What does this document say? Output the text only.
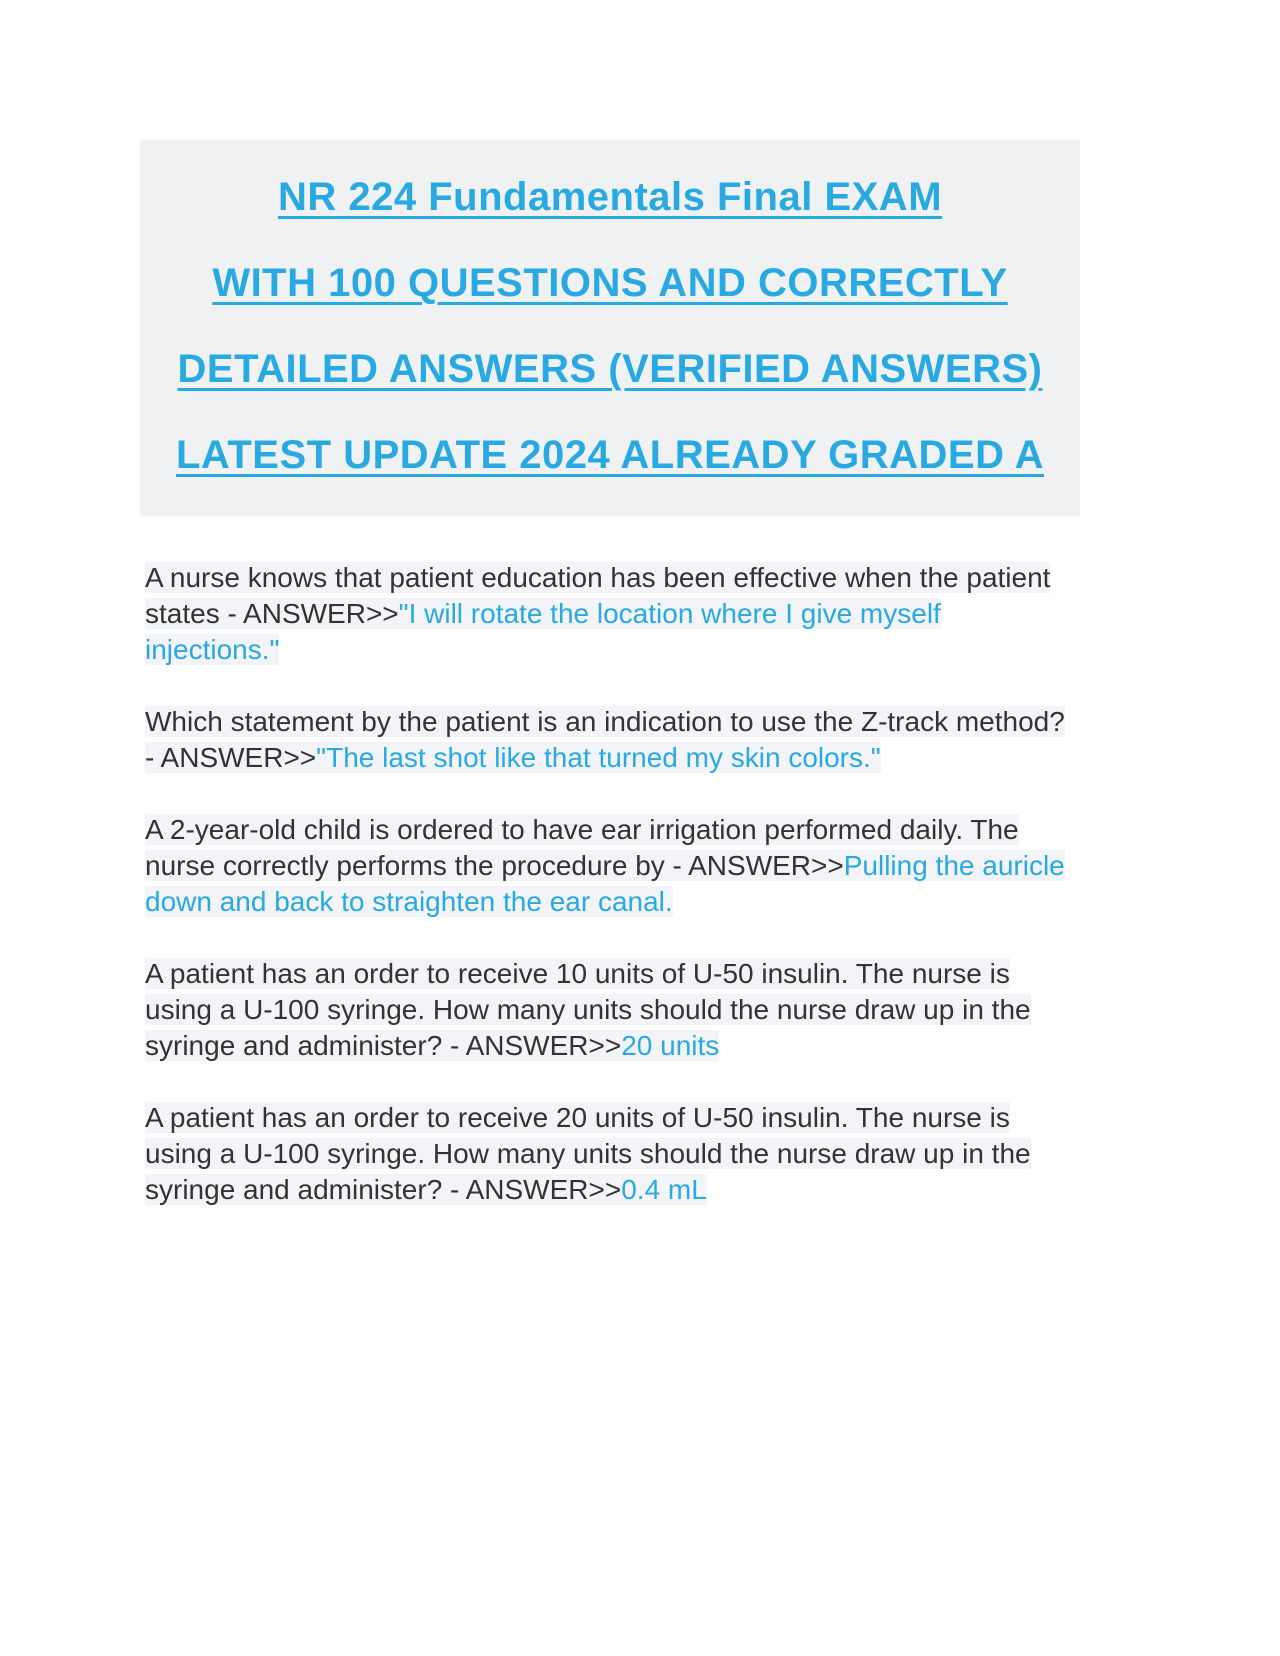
NR 224 Fundamentals Final EXAM
WITH 100 QUESTIONS AND CORRECTLY
DETAILED ANSWERS (VERIFIED ANSWERS)
LATEST UPDATE 2024 ALREADY GRADED A

A nurse knows that patient education has been effective when the patient states - ANSWER>>"I will rotate the location where I give myself injections."

Which statement by the patient is an indication to use the Z-track method? - ANSWER>>"The last shot like that turned my skin colors."

A 2-year-old child is ordered to have ear irrigation performed daily. The nurse correctly performs the procedure by - ANSWER>>Pulling the auricle down and back to straighten the ear canal.

A patient has an order to receive 10 units of U-50 insulin. The nurse is using a U-100 syringe. How many units should the nurse draw up in the syringe and administer? - ANSWER>>20 units

A patient has an order to receive 20 units of U-50 insulin. The nurse is using a U-100 syringe. How many units should the nurse draw up in the syringe and administer? - ANSWER>>0.4 mL
